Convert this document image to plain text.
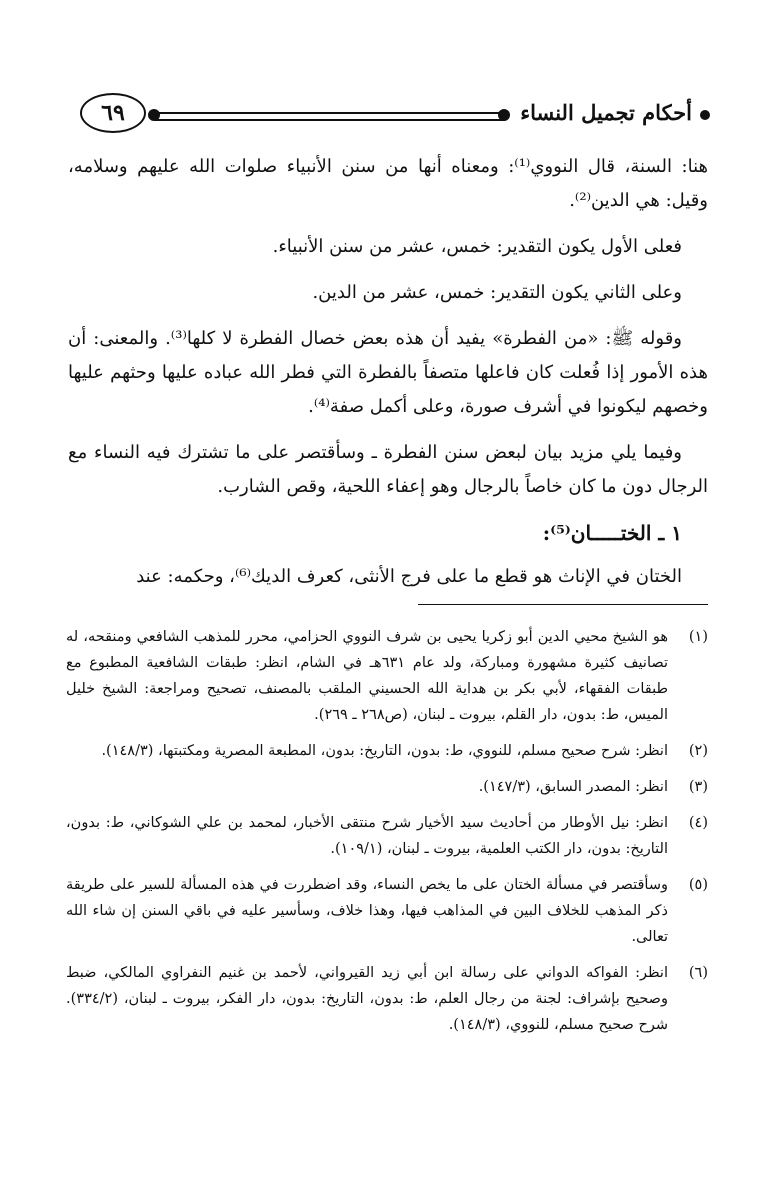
أحكام تجميل النساء
٦٩

هنا: السنة، قال النووي⁽¹⁾: ومعناه أنها من سنن الأنبياء صلوات الله عليهم وسلامه، وقيل: هي الدين⁽²⁾.

فعلى الأول يكون التقدير: خمس، عشر من سنن الأنبياء.

وعلى الثاني يكون التقدير: خمس، عشر من الدين.

وقوله ﷺ: «من الفطرة» يفيد أن هذه بعض خصال الفطرة لا كلها⁽³⁾. والمعنى: أن هذه الأمور إذا فُعلت كان فاعلها متصفاً بالفطرة التي فطر الله عباده عليها وحثهم عليها وخصهم ليكونوا في أشرف صورة، وعلى أكمل صفة⁽⁴⁾.

وفيما يلي مزيد بيان لبعض سنن الفطرة ـ وسأقتصر على ما تشترك فيه النساء مع الرجال دون ما كان خاصاً بالرجال وهو إعفاء اللحية، وقص الشارب.

١ ـ الختـــــان⁽⁵⁾:

الختان في الإناث هو قطع ما على فرج الأنثى، كعرف الديك⁽⁶⁾، وحكمه: عند

(١)
هو الشيخ محيي الدين أبو زكريا يحيى بن شرف النووي الحزامي، محرر للمذهب الشافعي ومنقحه، له تصانيف كثيرة مشهورة ومباركة، ولد عام ٦٣١هـ في الشام، انظر: طبقات الشافعية المطبوع مع طبقات الفقهاء، لأبي بكر بن هداية الله الحسيني الملقب بالمصنف، تصحيح ومراجعة: الشيخ خليل الميس، ط: بدون، دار القلم، بيروت ـ لبنان، (ص٢٦٨ ـ ٢٦٩).
(٢)
انظر: شرح صحيح مسلم، للنووي، ط: بدون، التاريخ: بدون، المطبعة المصرية ومكتبتها، (١٤٨/٣).
(٣)
انظر: المصدر السابق، (١٤٧/٣).
(٤)
انظر: نيل الأوطار من أحاديث سيد الأخيار شرح منتقى الأخبار، لمحمد بن علي الشوكاني، ط: بدون، التاريخ: بدون، دار الكتب العلمية، بيروت ـ لبنان، (١٠٩/١).
(٥)
وسأقتصر في مسألة الختان على ما يخص النساء، وقد اضطررت في هذه المسألة للسير على طريقة ذكر المذهب للخلاف البين في المذاهب فيها، وهذا خلاف، وسأسير عليه في باقي السنن إن شاء الله تعالى.
(٦)
انظر: الفواكه الدواني على رسالة ابن أبي زيد القيرواني، لأحمد بن غنيم النفراوي المالكي، ضبط وصحيح بإشراف: لجنة من رجال العلم، ط: بدون، التاريخ: بدون، دار الفكر، بيروت ـ لبنان، (٣٣٤/٢). شرح صحيح مسلم، للنووي، (١٤٨/٣).
